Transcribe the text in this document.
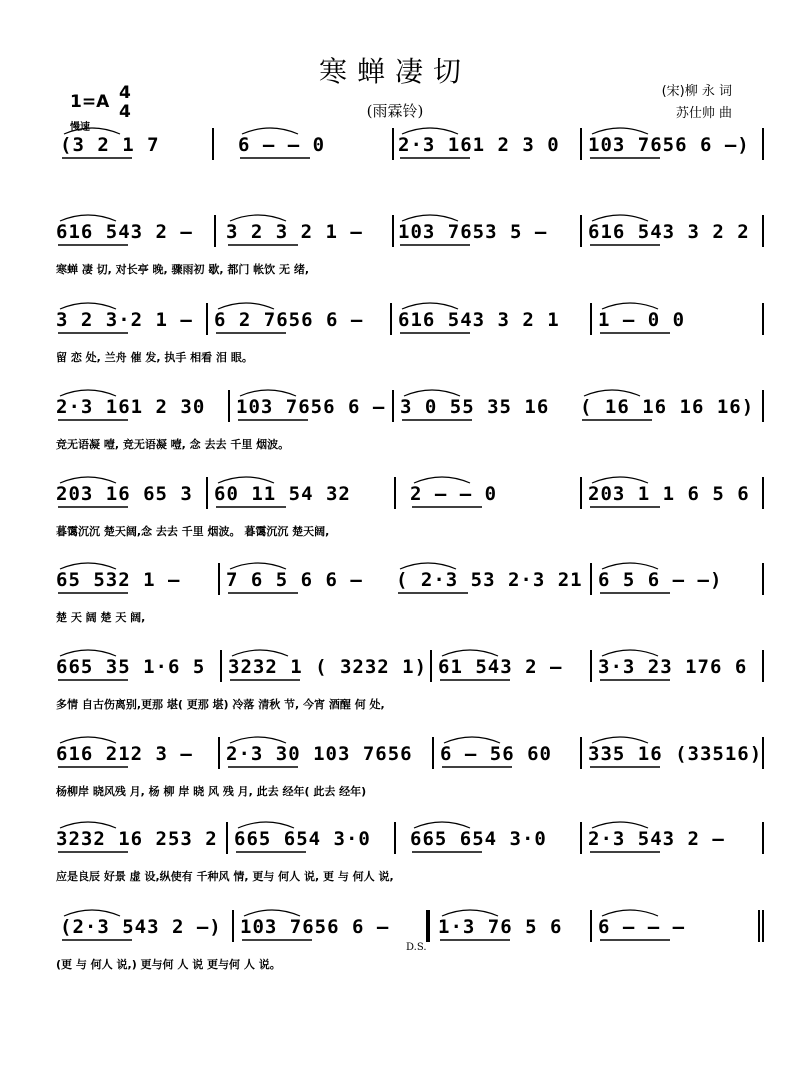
寒蝉凄切
(雨霖铃)
(宋)柳 永 词
苏仕帅 曲
1=A 4
4
慢速
D.S.
(3 2 1 7	6 – – 0	2·3 161 2 3 0 103 7656 6 –)
616 543 2 – 3 2 3 2 1 – 103 7653 5 – 616 543 3 2 2
寒蝉 凄 切, 对长亭 晚, 骤雨初 歇, 都门 帐饮 无 绪,
3 2 3·2 1 – 6 2 7656 6 – 616 543 3 2 1 1 – 0 0
留 恋 处, 兰舟 催 发, 执手 相看 泪 眼。
2·3 161 2 30 103 7656 6 – 3 0 55 35 16 ( 16 16 16 16)
竞无语凝 噎, 竞无语凝 噎, 念 去去 千里 烟波。
203 16 65 3 60 11 54 32	2 – – 0	203 1 1 6 5 6
暮霭沉沉 楚天阔,念 去去 千里 烟波。 暮霭沉沉 楚天阔,
65 532 1 – 7 6 5 6 6 – ( 2·3 53 2·3 21 6 5 6 – –)
楚 天 阔 楚 天 阔,
665 35 1·6 5 3232 1 ( 3232 1) 61 543 2 – 3·3 23 176 6
多情 自古伤离别,更那 堪( 更那 堪) 冷落 清秋 节, 今宵 酒醒 何 处,
616 212 3 – 2·3 30 103 7656 6 – 56 60 335 16 (33516)
杨柳岸 晓风残 月, 杨 柳 岸 晓 风 残 月, 此去 经年( 此去 经年)
3232 16 253 2 665 654 3·0 665 654 3·0 2·3 543 2 –
应是良辰 好景 虚 设,纵使有 千种风 情, 更与 何人 说, 更 与 何人 说,
(2·3 543 2 –) 103 7656 6 –	1·3 76 5 6 6 – – –
(更 与 何人 说,) 更与何 人 说 更与何 人 说。
